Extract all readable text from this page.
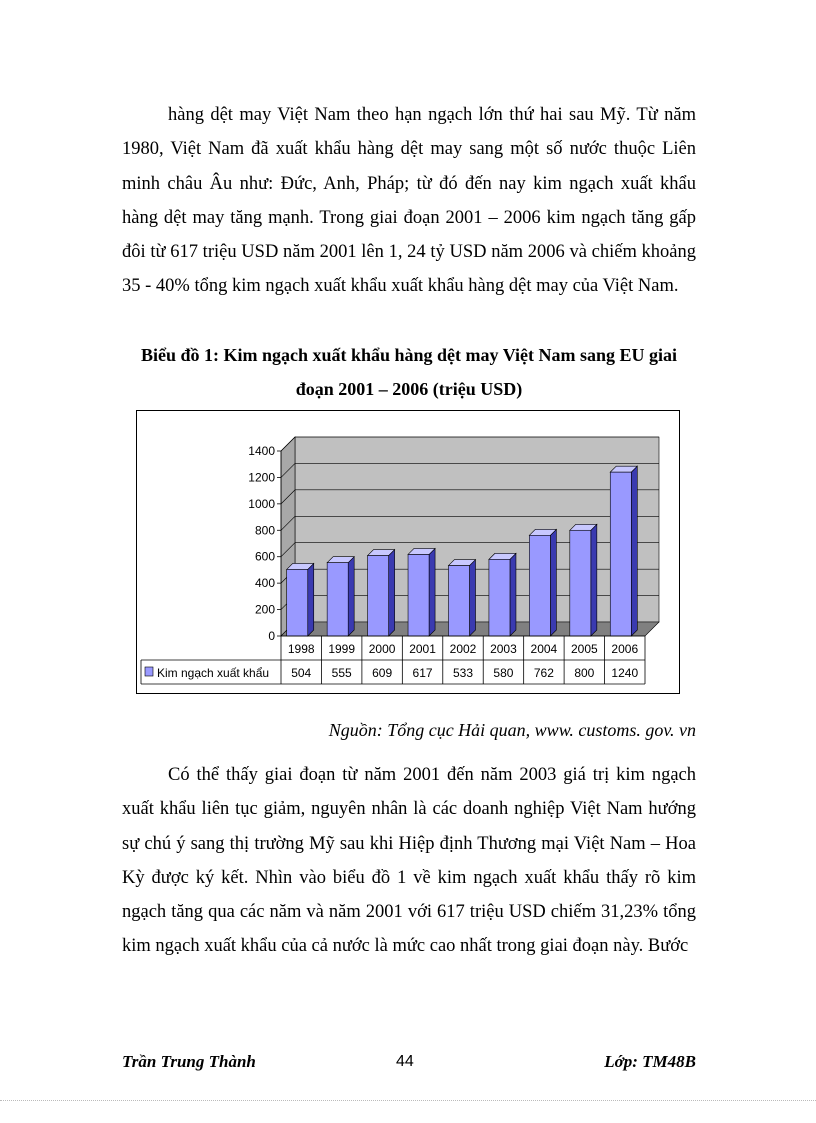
hàng dệt may Việt Nam theo hạn ngạch lớn thứ hai sau Mỹ. Từ năm 1980, Việt Nam đã xuất khẩu hàng dệt may sang một số nước thuộc Liên minh châu Âu như: Đức, Anh, Pháp; từ đó đến nay kim ngạch xuất khẩu hàng dệt may tăng mạnh. Trong giai đoạn 2001 – 2006 kim ngạch tăng gấp đôi từ 617 triệu USD năm 2001 lên 1, 24 tỷ USD năm 2006 và chiếm khoảng 35 - 40% tổng kim ngạch xuất khẩu xuất khẩu hàng dệt may của Việt Nam.

Biểu đồ 1: Kim ngạch xuất khẩu hàng dệt may Việt Nam sang EU giai
đoạn 2001 – 2006 (triệu USD)

0
200
400
600
800
1000
1200
1400
1998
504
1999
555
2000
609
2001
617
2002
533
2003
580
2004
762
2005
800
2006
1240
Kim ngạch xuất khẩu
Nguồn: Tổng cục Hải quan, www. customs. gov. vn

Có thể thấy giai đoạn từ năm 2001 đến năm 2003 giá trị kim ngạch xuất khẩu liên tục giảm, nguyên nhân là các doanh nghiệp Việt Nam hướng sự chú ý sang thị trường Mỹ sau khi Hiệp định Thương mại Việt Nam – Hoa Kỳ được ký kết. Nhìn vào biểu đồ 1 về kim ngạch xuất khẩu thấy rõ kim ngạch tăng qua các năm và năm 2001 với 617 triệu USD chiếm 31,23% tổng kim ngạch xuất khẩu của cả nước là mức cao nhất trong giai đoạn này. Bước

Trần Trung Thành	44	Lớp: TM48B
